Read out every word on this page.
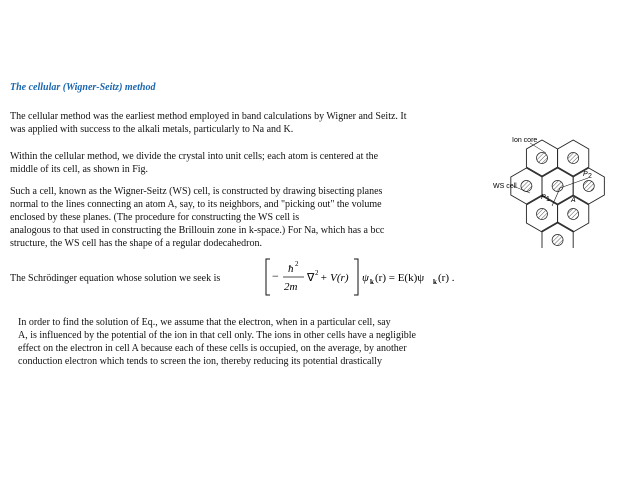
The cellular (Wigner-Seitz) method
The cellular method was the earliest method employed in band calculations by Wigner and Seitz. It
was applied with success to the alkali metals, particularly to Na and K.
Within the cellular method, we divide the crystal into unit cells; each atom is centered at the
middle of its cell, as shown in Fig.
Such a cell, known as the Wigner-Seitz (WS) cell, is constructed by drawing bisecting planes
normal to the lines connecting an atom A, say, to its neighbors, and "picking out" the volume
enclosed by these planes. (The procedure for constructing the WS cell is
analogous to that used in constructing the Brillouin zone in k-space.) For Na, which has a bcc
structure, the WS cell has the shape of a regular dodecahedron.
The Schrödinger equation whose solution we seek is	− ħ 2
2m
∇ 2 + V(r) ψ k (r) = E(k)ψ k (r) .
In order to find the solution of Eq., we assume that the electron, when in a particular cell, say
A, is influenced by the potential of the ion in that cell only. The ions in other cells have a negligible
effect on the electron in cell A because each of these cells is occupied, on the average, by another
conduction electron which tends to screen the ion, thereby reducing its potential drastically
Ion core
WS cell
P 2
P 1	A
